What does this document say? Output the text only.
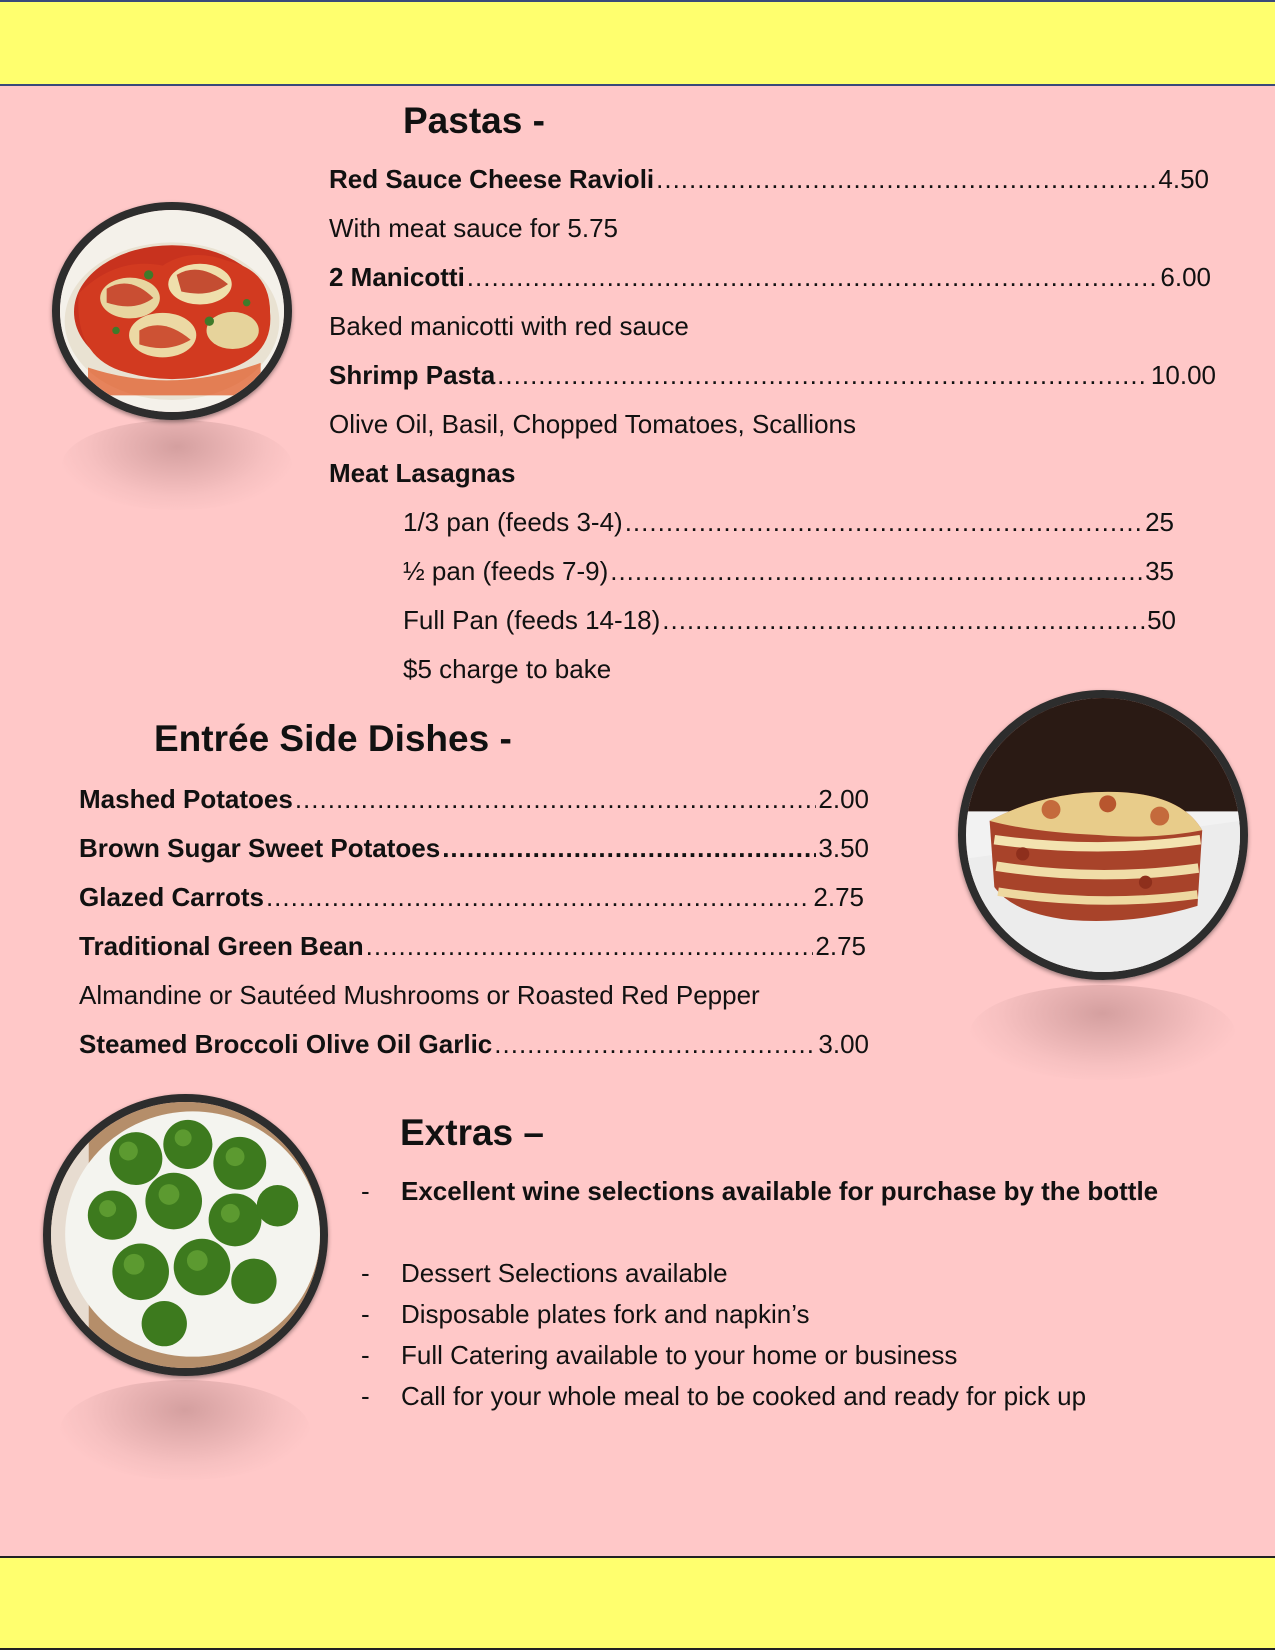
Pastas -
Red Sauce Cheese Ravioli .....	4.50
With meat sauce for 5.75
2 Manicotti .....	6.00
Baked manicotti with red sauce
Shrimp Pasta .....	10.00
Olive Oil, Basil, Chopped Tomatoes, Scallions
Meat Lasagnas
1/3 pan (feeds 3-4) .....	25
½ pan (feeds 7-9) .....	35
Full Pan (feeds 14-18) .....	50
$5 charge to bake
Entrée Side Dishes -
Mashed Potatoes .....	2.00
Brown Sugar Sweet Potatoes .....	3.50
Glazed Carrots .....	2.75
Traditional Green Bean .....	2.75
Almandine or Sautéed Mushrooms or Roasted Red Pepper
Steamed Broccoli Olive Oil Garlic .....	3.00
Extras –
-	Excellent wine selections available for purchase by the bottle
-	Dessert Selections available
-	Disposable plates fork and napkin’s
-	Full Catering available to your home or business
-	Call for your whole meal to be cooked and ready for pick up
